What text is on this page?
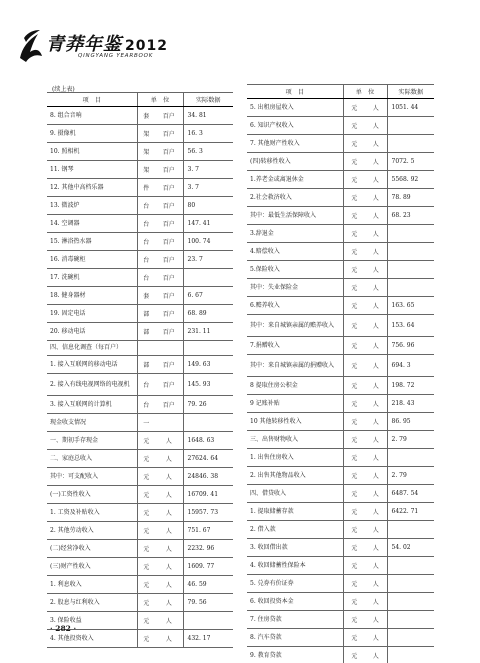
青莽年鉴 2012
QINGYANG YEARBOOK
(续上表)
项　目	单　位		实际数据
8. 组合音响	套	百户	34. 81
9. 摄像机	架	百户	16. 3
10. 照相机	架	百户	56. 3
11. 钢琴	架	百户	3. 7
12. 其他中高档乐器	件	百户	3. 7
13. 微波炉	台	百户	80
14. 空调器	台	百户	147. 41
15. 淋浴热水器	台	百户	100. 74
16. 消毒碗柜	台	百户	23. 7
17. 洗碗机	台	百户	
18. 健身器材	套	百户	6. 67
19. 固定电话	部	百户	68. 89
20. 移动电话	部	百户	231. 11
四、信息化调查（每百户）			
1. 接入互联网的移动电话	部	百户	149. 63
2. 接入有线电视网络的电视机	台	百户	145. 93
3. 接入互联网的计算机	台	百户	79. 26
现金收支情况	一		
一、期初手存现金	元	人	1648. 63
二、家庭总收入	元	人	27624. 64
其中：可支配收入	元	人	24846. 38
(一)工资性收入	元	人	16709. 41
1. 工资及补贴收入	元	人	15957. 73
2. 其他劳动收入	元	人	751. 67
(二)经营净收入	元	人	2232. 96
(三)财产性收入	元	人	1609. 77
1. 利息收入	元	人	46. 59
2. 股息与红利收入	元	人	79. 56
3. 保险收益	元	人	
4. 其他投资收入	元	人	432. 17
项　目	单　位		实际数据
5. 出租房屋收入	元	人	1051. 44
6. 知识产权收入	元	人	
7. 其他财产性收入	元	人	
(四)转移性收入	元	人	7072. 5
1.养老金或离退休金	元	人	5568. 92
2.社会救济收入	元	人	78. 89
其中：最低生活保障收入	元	人	68. 23
3.辞退金	元	人	
4.赔偿收入	元	人	
5.保险收入	元	人	
其中：失业保险金	元	人	
6.赡养收入	元	人	163. 65
其中：来自城镇亲属的赡养收入	元	人	153. 64
7.捐赠收入	元	人	756. 96
其中：来自城镇亲属的捐赠收入	元	人	694. 3
8 提取住房公积金	元	人	198. 72
9 记账补贴	元	人	218. 43
10 其他转移性收入	元	人	86. 95
三、出售财物收入	元	人	2. 79
1. 出售住房收入	元	人	
2. 出售其他物品收入	元	人	2. 79
四、借贷收入	元	人	6487. 54
1. 提取储蓄存款	元	人	6422. 71
2. 借入款	元	人	
3. 收回借出款	元	人	54. 02
4. 收回储蓄性保险本	元	人	
5. 兑券有价证券	元	人	
6. 收回投资本金	元	人	
7. 住房贷款	元	人	
8. 汽车贷款	元	人	
9. 教育贷款	元	人	
· 282 ·
